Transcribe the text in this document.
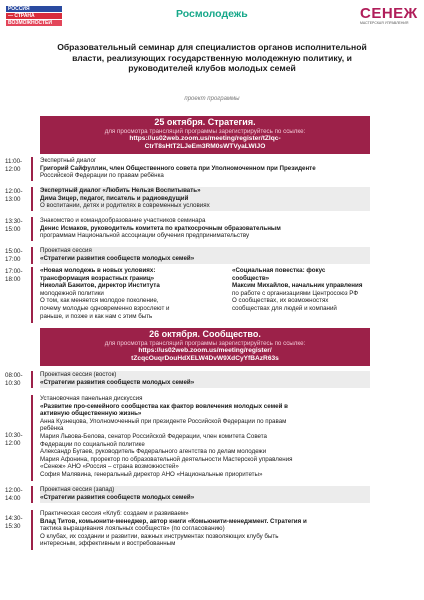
РОССИЯ
— СТРАНА
ВОЗМОЖНОСТЕЙ
Росмолодежь	СЕНЕЖ
МАСТЕРСКАЯ УПРАВЛЕНИЯ
Образовательный семинар для специалистов органов исполнительной
власти, реализующих государственную молодежную политику, и
руководителей клубов молодых семей
проект программы
25 октября. Стратегия.
для просмотра трансляций программы зарегистрируйтесь по ссылке:
https://us02web.zoom.us/meeting/register/tZIqc-
CtrT8sHtT2LJeEm3RM0sWTVyaLWlJO
11:00-
12:00
Экспертный диалог
Григорий Сайфуллин, член Общественного совета при Уполномоченном при Президенте
Российской Федерации по правам ребёнка
12:00-
13:00
Экспертный диалог «Любить Нельзя Воспитывать»
Дима Зицер, педагог, писатель и радиоведущий
О воспитании, детях и родителях в современных условиях
13:30-
15:00
Знакомство и командообразование участников семинара
Денис Исмаков, руководитель комитета по краткосрочным образовательным
программам Национальной ассоциации обучения предпринимательству
15:00-
17:00
Проектная сессия
«Стратегии развития сообществ молодых семей»
17:00-
18:00
«Новая молодежь в новых условиях:
трансформация возрастных границ»
Николай Бажитов, директор Института
молодежной политики
О том, как меняется молодое поколение,
почему молодые одновременно взрослеют и
раньше, и позже и как нам с этим быть
«Социальная повестка: фокус
сообществ»
Максим Михайлов, начальник управления
по работе с организациями Центросоюз РФ
О сообществах, их возможностях
сообществах для людей и компаний
26 октября. Сообщество.
для просмотра трансляций программы зарегистрируйтесь по ссылке:
https://us02web.zoom.us/meeting/register/
tZcqcOuqrDouHdXELW4DvW9XdCyYfBAzR63s
08:00-
10:30
Проектная сессия (восток)
«Стратегии развития сообществ молодых семей»
10:30-
12:00
Установочная панельная дискуссия
«Развитие про-семейного сообщества как фактор вовлечения молодых семей в
активную общественную жизнь»
Анна Кузнецова, Уполномоченный при президенте Российской Федерации по правам
ребёнка
Мария Львова-Белова, сенатор Российской Федерации, член комитета Совета
Федерации по социальной политике
Александр Бугаев, руководитель Федерального агентства по делам молодежи
Мария Афонина, проректор по образовательной деятельности Мастерской управления
«Сенеж» АНО «Россия – страна возможностей»
София Малявина, генеральный директор АНО «Национальные приоритеты»
12:00-
14:00
Проектная сессия (запад)
«Стратегии развития сообществ молодых семей»
14:30-
15:30
Практическая сессия «Клуб: создаем и развиваем»
Влад Титов, комьюнити-менеджер, автор книги «Комьюнити-менеджмент. Стратегия и
тактика выращивания лояльных сообществ» (по согласованию)
О клубах, их создании и развитии, важных инструментах позволяющих клубу быть
интересным, эффективным и востребованным
